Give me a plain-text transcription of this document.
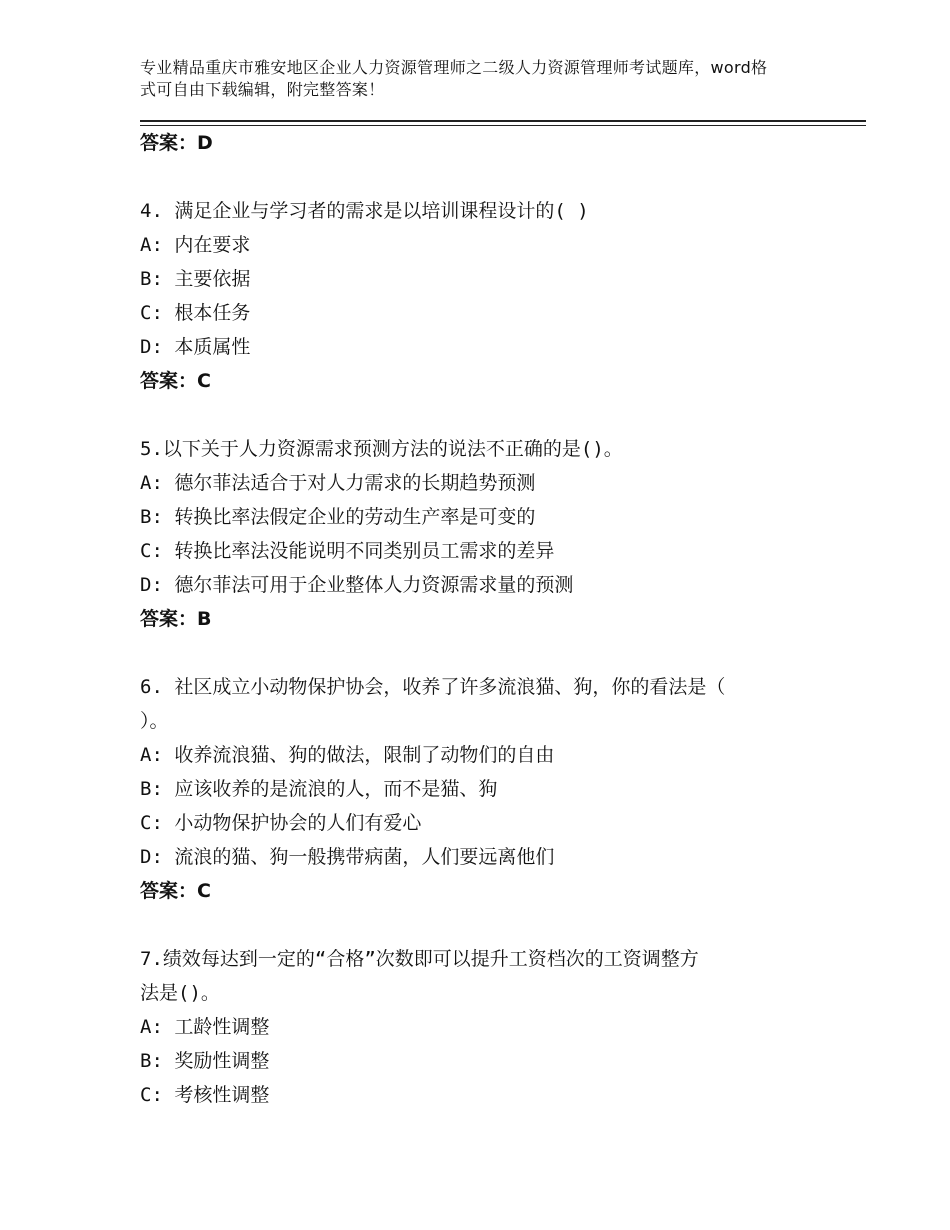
专业精品重庆市雅安地区企业人力资源管理师之二级人力资源管理师考试题库，word格式可自由下载编辑，附完整答案！
答案：D
4. 满足企业与学习者的需求是以培训课程设计的( )
A: 内在要求
B: 主要依据
C: 根本任务
D: 本质属性
答案：C
5.以下关于人力资源需求预测方法的说法不正确的是()。
A: 德尔菲法适合于对人力需求的长期趋势预测
B: 转换比率法假定企业的劳动生产率是可变的
C: 转换比率法没能说明不同类别员工需求的差异
D: 德尔菲法可用于企业整体人力资源需求量的预测
答案：B
6. 社区成立小动物保护协会，收养了许多流浪猫、狗，你的看法是（
）。
A: 收养流浪猫、狗的做法，限制了动物们的自由
B: 应该收养的是流浪的人，而不是猫、狗
C: 小动物保护协会的人们有爱心
D: 流浪的猫、狗一般携带病菌，人们要远离他们
答案：C
7.绩效每达到一定的“合格”次数即可以提升工资档次的工资调整方
法是()。
A: 工龄性调整
B: 奖励性调整
C: 考核性调整
